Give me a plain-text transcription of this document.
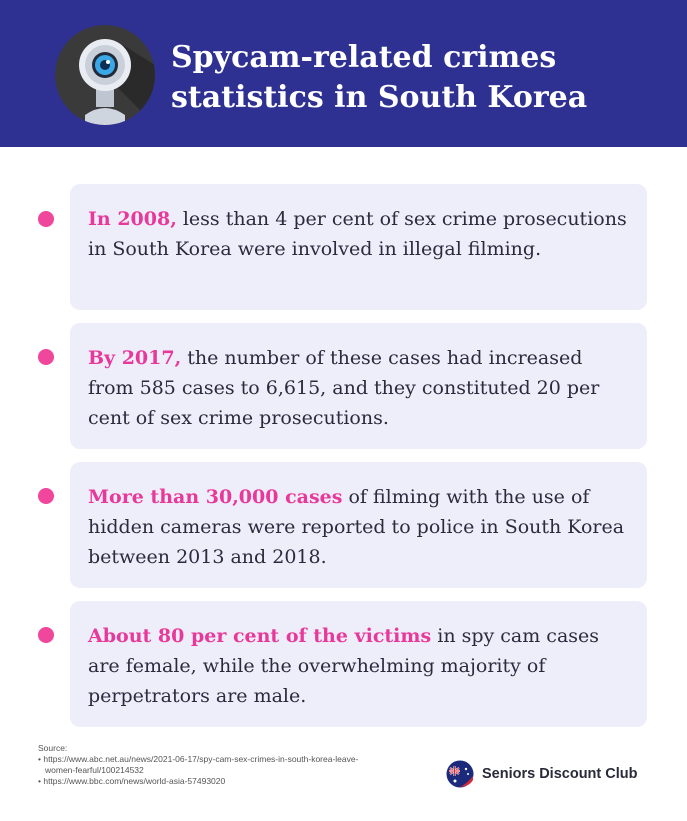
Spycam-related crimes
statistics in South Korea

In 2008, less than 4 per cent of sex crime prosecutions in South Korea were involved in illegal filming.

By 2017, the number of these cases had increased from 585 cases to 6,615, and they constituted 20 per cent of sex crime prosecutions.

More than 30,000 cases of filming with the use of hidden cameras were reported to police in South Korea between 2013 and 2018.

About 80 per cent of the victims in spy cam cases are female, while the overwhelming majority of perpetrators are male.

Source:
• https://www.abc.net.au/news/2021-06-17/spy-cam-sex-crimes-in-south-korea-leave-women-fearful/100214532
• https://www.bbc.com/news/world-asia-57493020	Seniors Discount Club
